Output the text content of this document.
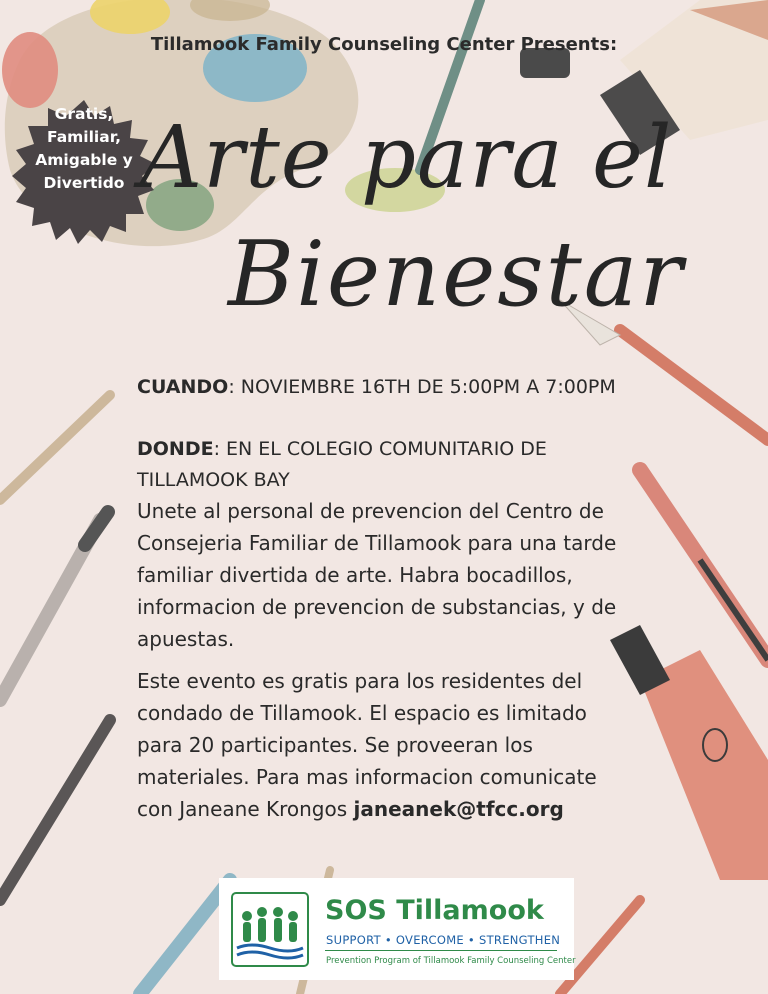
Tillamook Family Counseling Center Presents:
Gratis,
Familiar,
Amigable y
Divertido Arte para el
Bienestar
CUANDO: NOVIEMBRE 16TH DE 5:00PM A 7:00PM
DONDE: EN EL COLEGIO COMUNITARIO DE TILLAMOOK BAY
Unete al personal de prevencion del Centro de Consejeria Familiar de Tillamook para una tarde familiar divertida de arte. Habra bocadillos, informacion de prevencion de substancias, y de apuestas.
Este evento es gratis para los residentes del condado de Tillamook. El espacio es limitado para 20 participantes. Se proveeran los materiales. Para mas informacion comunicate con Janeane Krongos janeanek@tfcc.org
SOS Tillamook
SUPPORT • OVERCOME • STRENGTHEN
Prevention Program of Tillamook Family Counseling Center
